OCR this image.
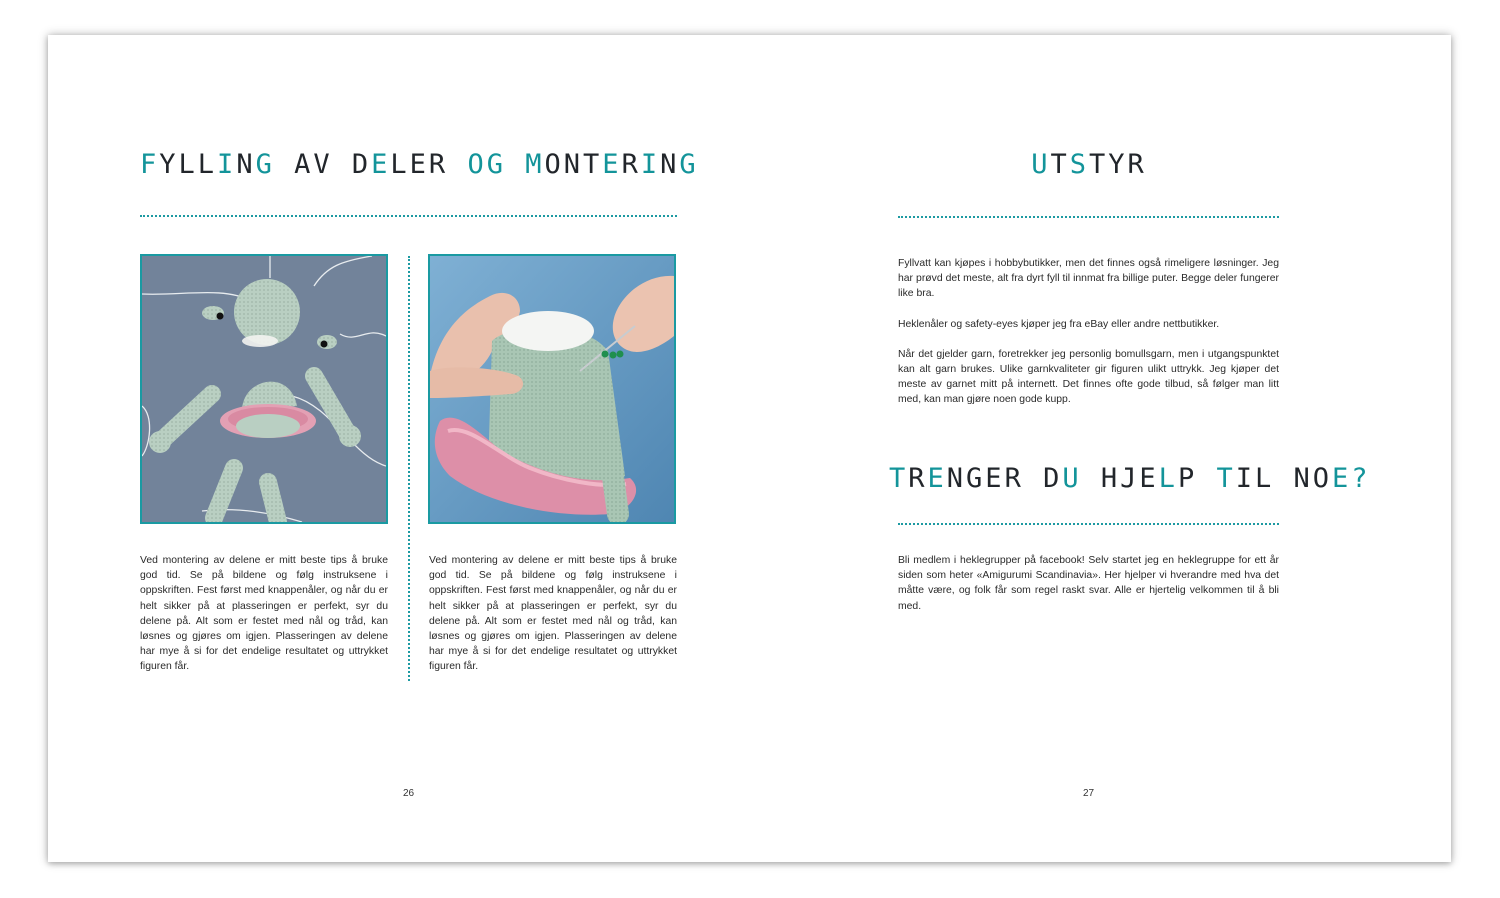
FYLLING AV DELER OG MONTERING

Ved montering av delene er mitt beste tips å bruke god tid. Se på bildene og følg instruksene i oppskriften. Fest først med knappenåler, og når du er helt sikker på at plasseringen er perfekt, syr du delene på. Alt som er festet med nål og tråd, kan løsnes og gjøres om igjen. Plasseringen av delene har mye å si for det endelige resultatet og uttrykket figuren får.

Ved montering av delene er mitt beste tips å bruke god tid. Se på bildene og følg instruksene i oppskriften. Fest først med knappenåler, og når du er helt sikker på at plasseringen er perfekt, syr du delene på. Alt som er festet med nål og tråd, kan løsnes og gjøres om igjen. Plasseringen av delene har mye å si for det endelige resultatet og uttrykket figuren får.

26
UTSTYR

Fyllvatt kan kjøpes i hobbybutikker, men det finnes også rimeligere løsninger. Jeg har prøvd det meste, alt fra dyrt fyll til innmat fra billige puter. Begge deler fungerer like bra.

Heklenåler og safety-eyes kjøper jeg fra eBay eller andre nettbutikker.

Når det gjelder garn, foretrekker jeg personlig bomullsgarn, men i utgangspunktet kan alt garn brukes. Ulike garnkvaliteter gir figuren ulikt uttrykk. Jeg kjøper det meste av garnet mitt på internett. Det finnes ofte gode tilbud, så følger man litt med, kan man gjøre noen gode kupp.

TRENGER DU HJELP TIL NOE?

Bli medlem i heklegrupper på facebook! Selv startet jeg en heklegruppe for ett år siden som heter «Amigurumi Scandinavia». Her hjelper vi hverandre med hva det måtte være, og folk får som regel raskt svar. Alle er hjertelig velkommen til å bli med.

27
